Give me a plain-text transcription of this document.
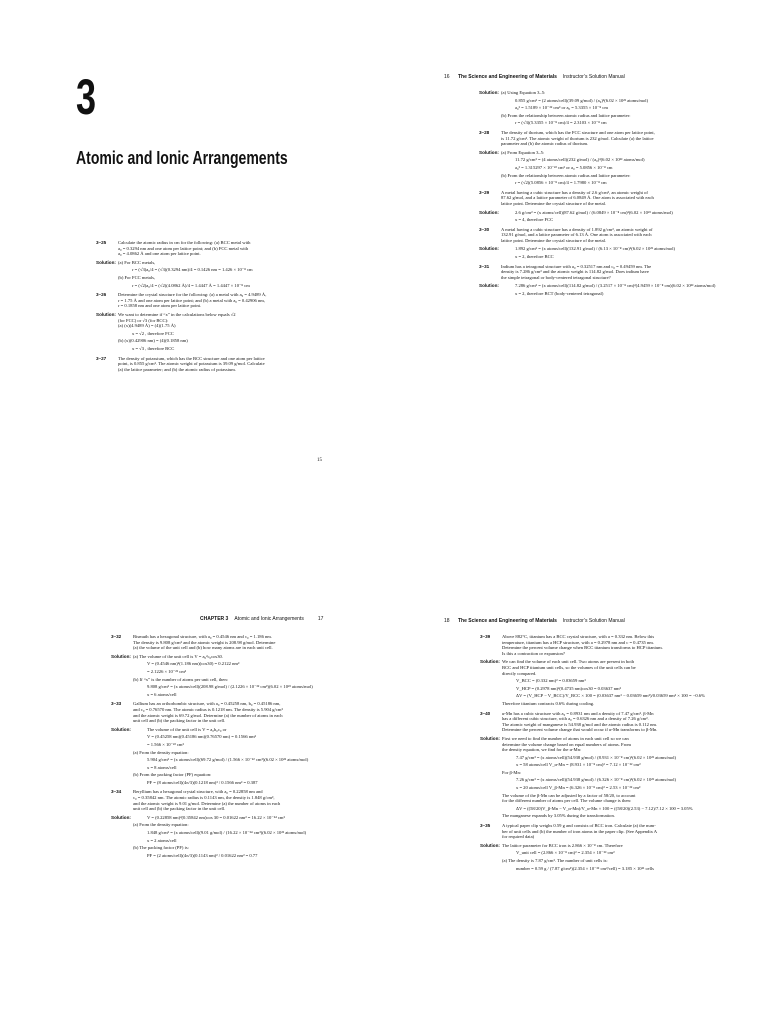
3
Atomic and Ionic Arrangements
3–25	Calculate the atomic radius in cm for the following: (a) BCC metal with
a₀ = 0.3294 nm and one atom per lattice point; and (b) FCC metal with
a₀ = 4.0862 Å and one atom per lattice point.
Solution: (a) For BCC metals,
r = (√3)a₀/4 = (√3)(0.3294 nm)/4 = 0.1426 nm = 1.426 × 10⁻⁸ cm
(b) For FCC metals,
r = (√2)a₀/4 = (√2)(4.0862 Å)/4 = 1.4447 Å = 1.4447 × 10⁻⁸ cm
3–26	Determine the crystal structure for the following: (a) a metal with a₀ = 4.9489 Å,
r = 1.75 Å and one atom per lattice point; and (b) a metal with a₀ = 0.42906 nm,
r = 0.1858 nm and one atom per lattice point.
Solution: We want to determine if “x” in the calculations below equals √2
(for FCC) or √3 (for BCC):
(a) (x)(4.9489 Å) = (4)(1.75 Å)
x = √2 , therefore FCC
(b) (x)(0.42906 nm) = (4)(0.1858 nm)
x = √3 , therefore BCC
3–27	The density of potassium, which has the BCC structure and one atom per lattice
point, is 0.855 g/cm³. The atomic weight of potassium is 39.09 g/mol. Calculate
(a) the lattice parameter; and (b) the atomic radius of potassium.
15
16 The Science and Engineering of Materials Instructor’s Solution Manual
Solution: (a) Using Equation 3–5:
0.855 g/cm³ = (2 atoms/cell)(39.09 g/mol) / (a₀)³(6.02 × 10²³ atoms/mol)
a₀³ = 1.5189 × 10⁻²² cm³ or a₀ = 5.3355 × 10⁻⁸ cm
(b) From the relationship between atomic radius and lattice parameter:
r = (√3)(5.3355 × 10⁻⁸ cm)/4 = 2.3103 × 10⁻⁸ cm
3–28	The density of thorium, which has the FCC structure and one atom per lattice point,
is 11.72 g/cm³. The atomic weight of thorium is 232 g/mol. Calculate (a) the lattice
parameter and (b) the atomic radius of thorium.
Solution: (a) From Equation 3–5:
11.72 g/cm³ = (4 atoms/cell)(232 g/mol) / (a₀)³(6.02 × 10²³ atoms/mol)
a₀³ = 1.315297 × 10⁻²² cm³ or a₀ = 5.0856 × 10⁻⁸ cm
(b) From the relationship between atomic radius and lattice parameter:
r = (√2)(5.0856 × 10⁻⁸ cm)/4 = 1.7980 × 10⁻⁸ cm
3–29	A metal having a cubic structure has a density of 2.6 g/cm³, an atomic weight of
87.62 g/mol, and a lattice parameter of 6.0849 Å. One atom is associated with each
lattice point. Determine the crystal structure of the metal.
Solution:	2.6 g/cm³ = (x atoms/cell)(87.62 g/mol) / (6.0849 × 10⁻⁸ cm)³(6.02 × 10²³ atoms/mol)
x = 4, therefore FCC
3–30	A metal having a cubic structure has a density of 1.892 g/cm³, an atomic weight of
132.91 g/mol, and a lattice parameter of 6.13 Å. One atom is associated with each
lattice point. Determine the crystal structure of the metal.
Solution:	1.892 g/cm³ = (x atoms/cell)(132.91 g/mol) / (6.13 × 10⁻⁸ cm)³(6.02 × 10²³ atoms/mol)
x = 2, therefore BCC
3–31	Indium has a tetragonal structure with a₀ = 0.32517 nm and c₀ = 0.49459 nm. The
density is 7.286 g/cm³ and the atomic weight is 114.82 g/mol. Does indium have
the simple tetragonal or body-centered tetragonal structure?
Solution:	7.286 g/cm³ = (x atoms/cell)(114.82 g/mol) / (3.2517 × 10⁻⁸ cm)²(4.9459 × 10⁻⁸ cm)(6.02 × 10²³ atoms/mol)
x = 2, therefore BCT (body-centered tetragonal)
CHAPTER 3 Atomic and Ionic Arrangements	17
3–32	Bismuth has a hexagonal structure, with a₀ = 0.4546 nm and c₀ = 1.186 nm.
The density is 9.808 g/cm³ and the atomic weight is 208.98 g/mol. Determine
(a) the volume of the unit cell and (b) how many atoms are in each unit cell.
Solution: (a) The volume of the unit cell is V = a₀²c₀cos30.
V = (0.4546 nm)²(1.186 nm)(cos30) = 0.2122 nm³
= 2.1226 × 10⁻²² cm³
(b) If “x” is the number of atoms per unit cell, then:
9.808 g/cm³ = (x atoms/cell)(208.98 g/mol) / (2.1226 × 10⁻²² cm³)(6.02 × 10²³ atoms/mol)
x = 6 atoms/cell
3–33	Gallium has an orthorhombic structure, with a₀ = 0.45258 nm, b₀ = 0.45186 nm,
and c₀ = 0.76570 nm. The atomic radius is 0.1218 nm. The density is 5.904 g/cm³
and the atomic weight is 69.72 g/mol. Determine (a) the number of atoms in each
unit cell and (b) the packing factor in the unit cell.
Solution:	The volume of the unit cell is V = a₀b₀c₀ or
V = (0.45258 nm)(0.45186 nm)(0.76570 nm) = 0.1566 nm³
= 1.566 × 10⁻²² cm³
(a) From the density equation:
5.904 g/cm³ = (x atoms/cell)(69.72 g/mol) / (1.566 × 10⁻²² cm³)(6.02 × 10²³ atoms/mol)
x = 8 atoms/cell
(b) From the packing factor (PF) equation:
PF = (8 atoms/cell)(4π/3)(0.1218 nm)³ / 0.1566 nm³ = 0.387
3–34	Beryllium has a hexagonal crystal structure, with a₀ = 0.22858 nm and
c₀ = 0.35842 nm. The atomic radius is 0.1143 nm, the density is 1.848 g/cm³,
and the atomic weight is 9.01 g/mol. Determine (a) the number of atoms in each
unit cell and (b) the packing factor in the unit cell.
Solution:	V = (0.22858 nm)²(0.35842 nm)cos 30 = 0.01622 nm³ = 16.22 × 10⁻²⁴ cm³
(a) From the density equation:
1.848 g/cm³ = (x atoms/cell)(9.01 g/mol) / (16.22 × 10⁻²⁴ cm³)(6.02 × 10²³ atoms/mol)
x = 2 atoms/cell
(b) The packing factor (PF) is:
PF = (2 atoms/cell)(4π/3)(0.1143 nm)³ / 0.01622 nm³ = 0.77
18 The Science and Engineering of Materials Instructor’s Solution Manual
3–39	Above 882°C, titanium has a BCC crystal structure, with a = 0.332 nm. Below this
temperature, titanium has a HCP structure, with a = 0.2978 nm and c = 0.4735 nm.
Determine the percent volume change when BCC titanium transforms to HCP titanium.
Is this a contraction or expansion?
Solution: We can find the volume of each unit cell. Two atoms are present in both
BCC and HCP titanium unit cells, so the volumes of the unit cells can be
directly compared.
V_BCC = (0.332 nm)³ = 0.03659 nm³
V_HCP = (0.2978 nm)²(0.4735 nm)cos30 = 0.03637 nm³
ΔV = (V_HCP − V_BCC)/V_BCC × 100 = (0.03637 nm³ − 0.03659 nm³)/0.03659 nm³ × 100 = −0.6%
Therefore titanium contracts 0.6% during cooling.
3–40	α-Mn has a cubic structure with a₀ = 0.8931 nm and a density of 7.47 g/cm³. β-Mn
has a different cubic structure, with a₀ = 0.6326 nm and a density of 7.26 g/cm³.
The atomic weight of manganese is 54.938 g/mol and the atomic radius is 0.112 nm.
Determine the percent volume change that would occur if α-Mn transforms to β-Mn.
Solution: First we need to find the number of atoms in each unit cell so we can
determine the volume change based on equal numbers of atoms. From
the density equation, we find for the α-Mn:
7.47 g/cm³ = (x atoms/cell)(54.938 g/mol) / (8.931 × 10⁻⁸ cm)³(6.02 × 10²³ atoms/mol)
x = 58 atoms/cell V_α-Mn = (8.931 × 10⁻⁸ cm)³ = 7.12 × 10⁻²² cm³
For β-Mn:
7.26 g/cm³ = (x atoms/cell)(54.938 g/mol) / (6.326 × 10⁻⁸ cm)³(6.02 × 10²³ atoms/mol)
x = 20 atoms/cell V_β-Mn = (6.326 × 10⁻⁸ cm)³ = 2.53 × 10⁻²² cm³
The volume of the β-Mn can be adjusted by a factor of 58/20, to account
for the different number of atoms per cell. The volume change is then:
ΔV = ((58/20)V_β-Mn − V_α-Mn)/V_α-Mn × 100 = ((58/20)(2.53) − 7.12)/7.12 × 100 = 3.05%
The manganese expands by 3.05% during the transformation.
3–35	A typical paper clip weighs 0.59 g and consists of BCC iron. Calculate (a) the num-
ber of unit cells and (b) the number of iron atoms in the paper clip. (See Appendix A
for required data)
Solution: The lattice parameter for BCC iron is 2.866 × 10⁻⁸ cm. Therefore
V_unit cell = (2.866 × 10⁻⁸ cm)³ = 2.354 × 10⁻²³ cm³
(a) The density is 7.87 g/cm³. The number of unit cells is:
number = 0.59 g / (7.87 g/cm³)(2.354 × 10⁻²³ cm³/cell) = 3.185 × 10²¹ cells
